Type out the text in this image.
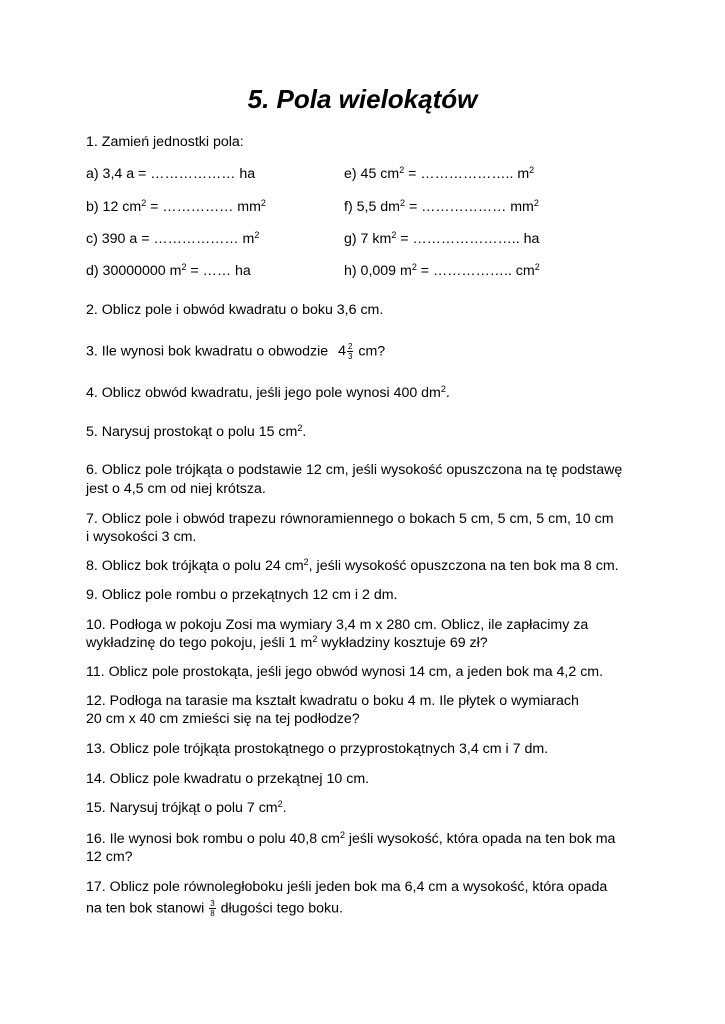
5. Pola wielokątów
1. Zamień jednostki pola:
a) 3,4 a = ……………… ha	e) 45 $cm^2$ = ……………….. $m^2$
b) 12 $cm^2$ = …………… $mm^2$	f) 5,5 $dm^2$ = ……………… $mm^2$
c) 390 a = ……………… $m^2$	g) 7 $km^2$ = ………………….. ha
d) 30000000 $m^2$ = …… ha	h) 0,009 $m^2$ = …………….. $cm^2$
2. Oblicz pole i obwód kwadratu o boku 3,6 cm.
3. Ile wynosi bok kwadratu o obwodzie $4 \frac{2}{3}$ cm?
4. Oblicz obwód kwadratu, jeśli jego pole wynosi 400 $dm^2$.
5. Narysuj prostokąt o polu 15 $cm^2$.
6. Oblicz pole trójkąta o podstawie 12 cm, jeśli wysokość opuszczona na tę podstawę
jest o 4,5 cm od niej krótsza.
7. Oblicz pole i obwód trapezu równoramiennego o bokach 5 cm, 5 cm, 5 cm, 10 cm
i wysokości 3 cm.
8. Oblicz bok trójkąta o polu 24 $cm^2$, jeśli wysokość opuszczona na ten bok ma 8 cm.
9. Oblicz pole rombu o przekątnych 12 cm i 2 dm.
10. Podłoga w pokoju Zosi ma wymiary 3,4 m x 280 cm. Oblicz, ile zapłacimy za
wykładzinę do tego pokoju, jeśli 1 $m^2$ wykładziny kosztuje 69 zł?
11. Oblicz pole prostokąta, jeśli jego obwód wynosi 14 cm, a jeden bok ma 4,2 cm.
12. Podłoga na tarasie ma kształt kwadratu o boku 4 m. Ile płytek o wymiarach
20 cm x 40 cm zmieści się na tej podłodze?
13. Oblicz pole trójkąta prostokątnego o przyprostokątnych 3,4 cm i 7 dm.
14. Oblicz pole kwadratu o przekątnej 10 cm.
15. Narysuj trójkąt o polu 7 $cm^2$.
16. Ile wynosi bok rombu o polu 40,8 $cm^2$ jeśli wysokość, która opada na ten bok ma
12 cm?
17. Oblicz pole równoległoboku jeśli jeden bok ma 6,4 cm a wysokość, która opada
na ten bok stanowi $\frac{3}{8}$ długości tego boku.
